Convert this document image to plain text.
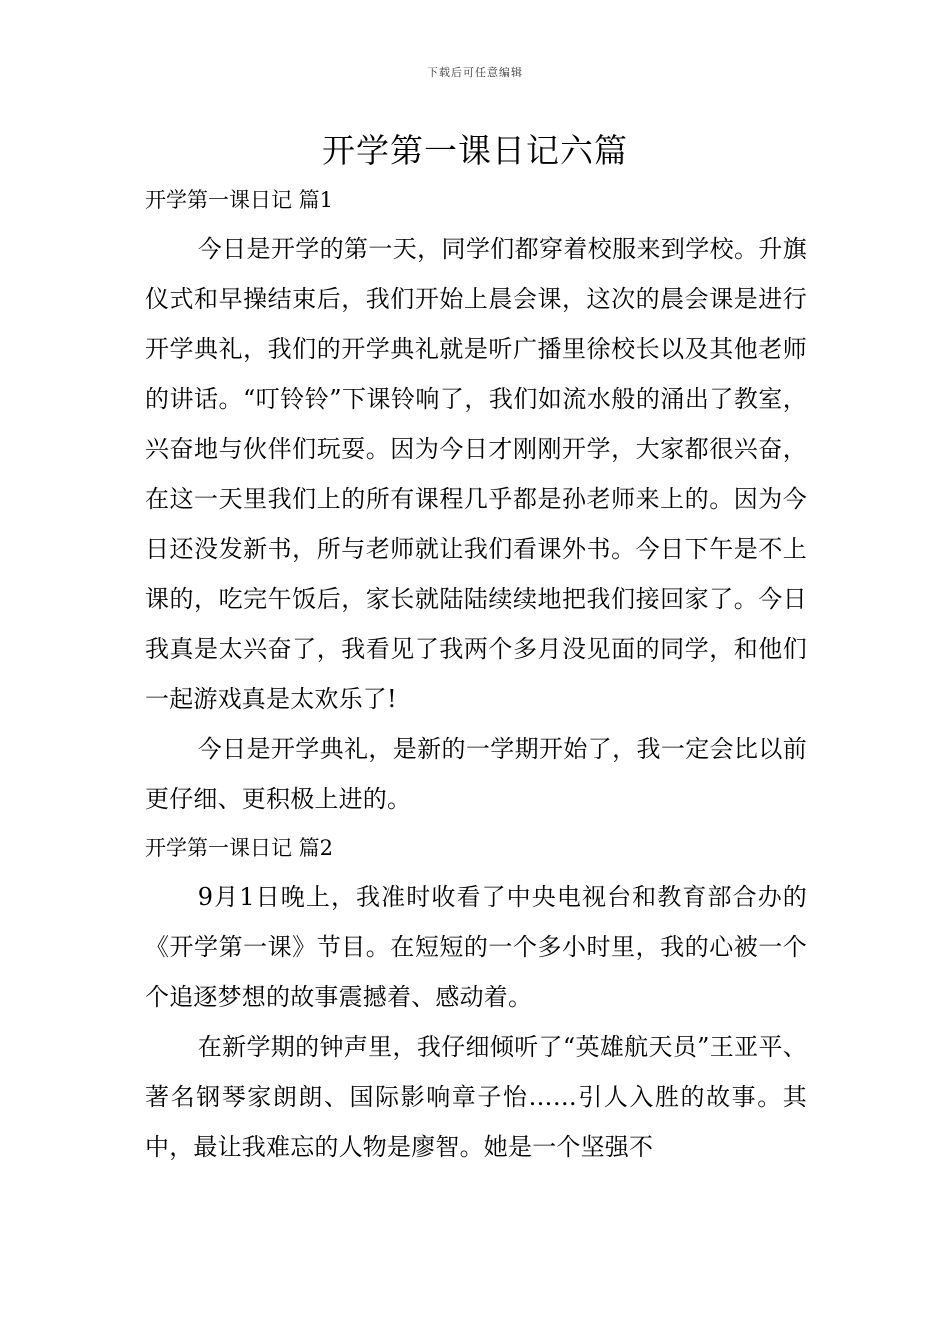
下载后可任意编辑
开学第一课日记六篇
开学第一课日记 篇1

今日是开学的第一天，同学们都穿着校服来到学校。升旗仪式和早操结束后，我们开始上晨会课，这次的晨会课是进行开学典礼，我们的开学典礼就是听广播里徐校长以及其他老师的讲话。“叮铃铃”下课铃响了，我们如流水般的涌出了教室，兴奋地与伙伴们玩耍。因为今日才刚刚开学，大家都很兴奋，在这一天里我们上的所有课程几乎都是孙老师来上的。因为今日还没发新书，所与老师就让我们看课外书。今日下午是不上课的，吃完午饭后，家长就陆陆续续地把我们接回家了。今日我真是太兴奋了，我看见了我两个多月没见面的同学，和他们一起游戏真是太欢乐了!

今日是开学典礼，是新的一学期开始了，我一定会比以前更仔细、更积极上进的。

开学第一课日记 篇2

9月1日晚上，我准时收看了中央电视台和教育部合办的《开学第一课》节目。在短短的一个多小时里，我的心被一个个追逐梦想的故事震撼着、感动着。

在新学期的钟声里，我仔细倾听了“英雄航天员”王亚平、著名钢琴家朗朗、国际影响章子怡……引人入胜的故事。其中，最让我难忘的人物是廖智。她是一个坚强不
